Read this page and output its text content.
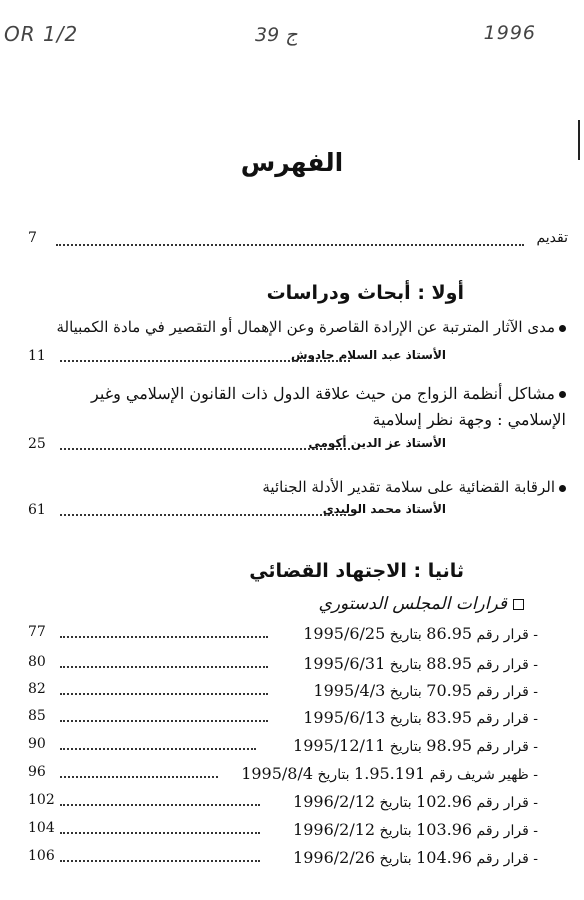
OR 1/2	39 ج	1996
الفهرس
تقديم
7
أولا : أبحاث ودراسات
مدى الآثار المترتبة عن الإرادة القاصرة وعن الإهمال أو التقصير في مادة الكمبيالة
الأستاذ عبد السلام حادوش
11
مشاكل أنظمة الزواج من حيث علاقة الدول ذات القانون الإسلامي وغير
الإسلامي : وجهة نظر إسلامية
الأستاذ عز الدين أكومي
25
الرقابة القضائية على سلامة تقدير الأدلة الجنائية
الأستاذ محمد الوليدي
61
ثانيا : الاجتهاد القضائي
قرارات المجلس الدستوري
- قرار رقم 86.95 بتاريخ 1995/6/25
77
- قرار رقم 88.95 بتاريخ 1995/6/31
80
- قرار رقم 70.95 بتاريخ 1995/4/3
82
- قرار رقم 83.95 بتاريخ 1995/6/13
85
- قرار رقم 98.95 بتاريخ 1995/12/11
90
- ظهير شريف رقم 1.95.191 بتاريخ 1995/8/4
96
- قرار رقم 102.96 بتاريخ 1996/2/12
102
- قرار رقم 103.96 بتاريخ 1996/2/12
104
- قرار رقم 104.96 بتاريخ 1996/2/26
106
